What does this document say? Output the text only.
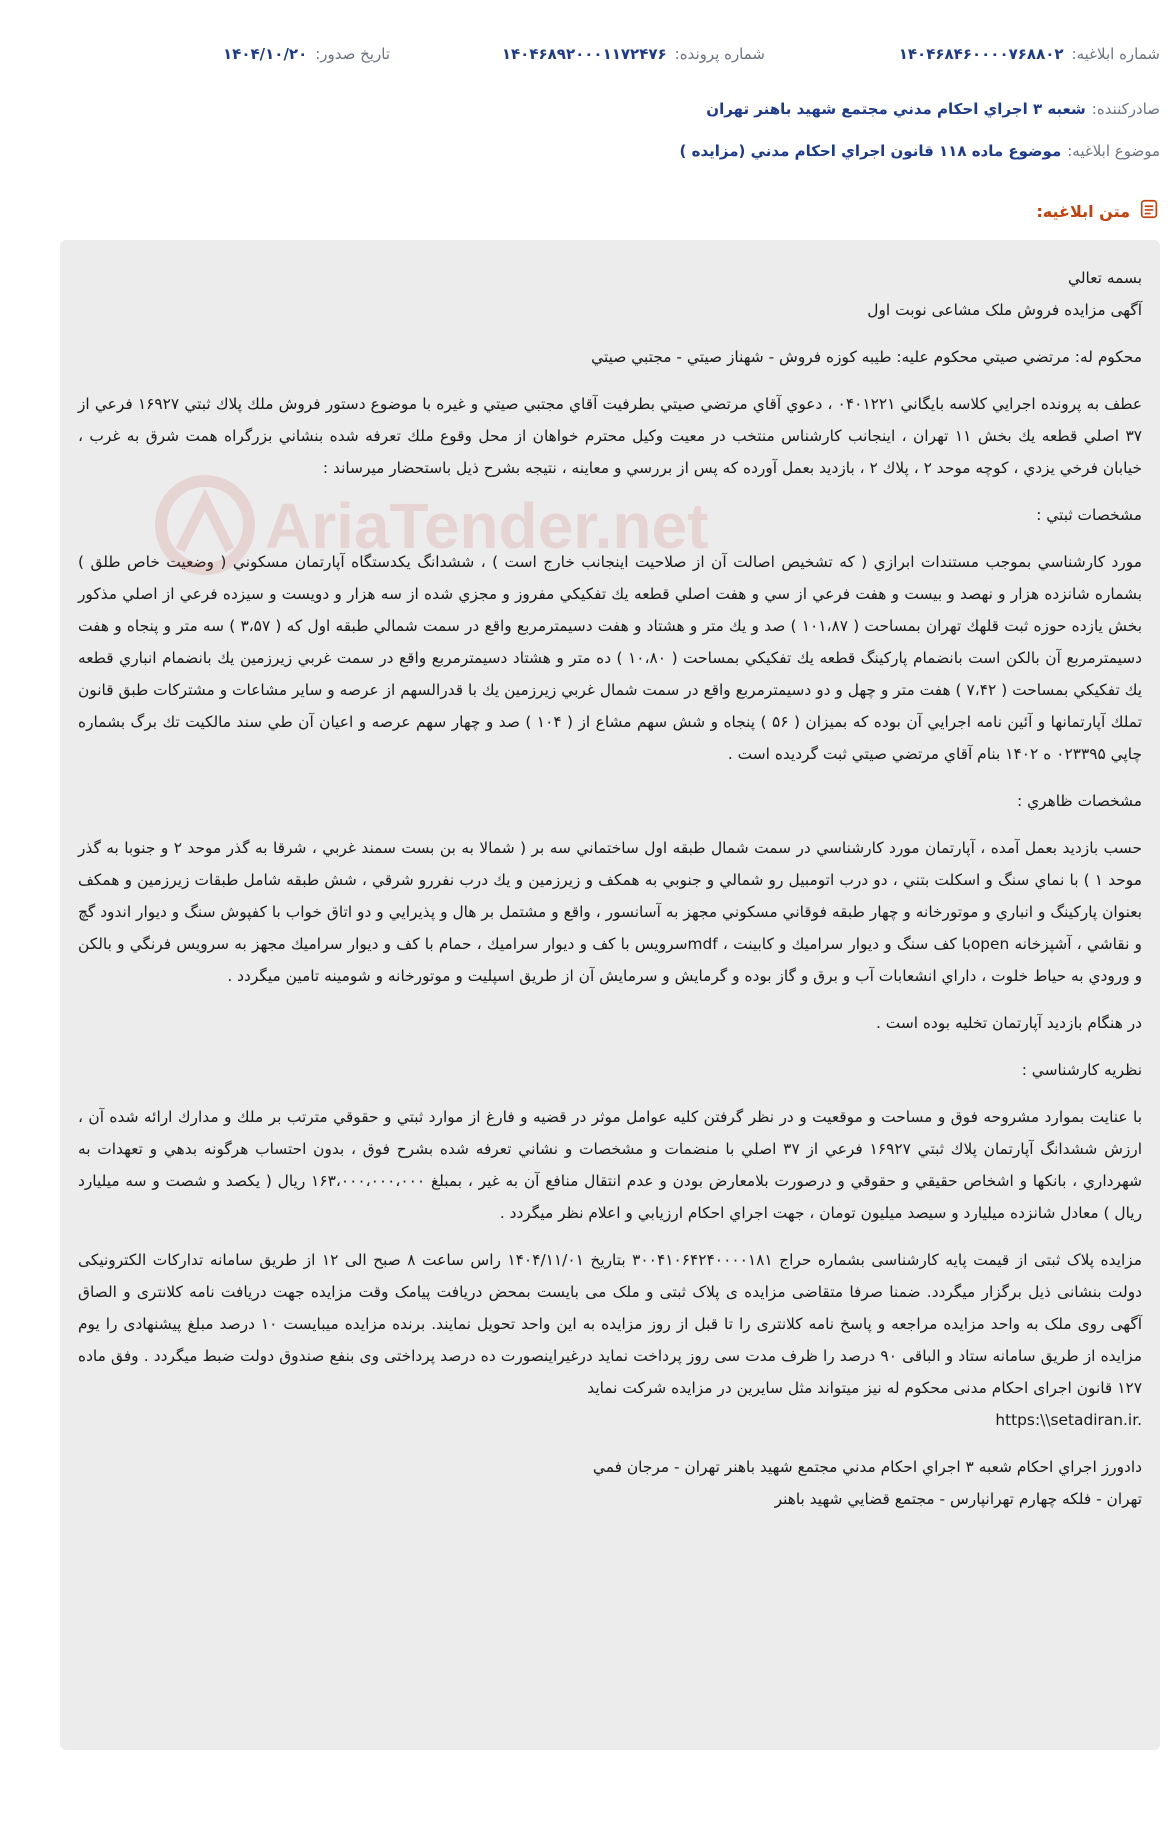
شماره ابلاغيه:
۱۴۰۴۶۸۴۶۰۰۰۰۷۶۸۸۰۲
شماره پرونده:
۱۴۰۴۶۸۹۲۰۰۰۱۱۷۲۴۷۶
تاريخ صدور:
۱۴۰۴/۱۰/۲۰
صادرکننده:
شعبه ۳ اجراي احکام مدني مجتمع شهيد باهنر تهران
موضوع ابلاغيه:
موضوع ماده ۱۱۸ قانون اجراي احکام مدني (مزايده )
متن ابلاغيه:

بسمه تعالي

آگهی مزايده فروش ملک مشاعی نوبت اول

محکوم له: مرتضي صيتي محکوم عليه: طيبه کوزه فروش - شهناز صيتي - مجتبي صيتي

عطف به پرونده اجرايي کلاسه بايگاني ۰۴۰۱۲۲۱ ، دعوي آقاي مرتضي صيتي بطرفيت آقاي مجتبي صيتي و غيره با موضوع دستور فروش ملك پلاك ثبتي ۱۶۹۲۷ فرعي از ۳۷ اصلي قطعه يك بخش ۱۱ تهران ، اينجانب كارشناس منتخب در معيت وكيل محترم خواهان از محل وقوع ملك تعرفه شده بنشاني بزرگراه همت شرق به غرب ، خيابان فرخي يزدي ، كوچه موحد ۲ ، پلاك ۲ ، بازديد بعمل آورده كه پس از بررسي و معاينه ، نتيجه بشرح ذيل باستحضار ميرساند :

مشخصات ثبتي :

مورد كارشناسي بموجب مستندات ابرازي ( كه تشخيص اصالت آن از صلاحيت اينجانب خارج است ) ، ششدانگ يكدستگاه آپارتمان مسكوني ( وضعيت خاص طلق ) بشماره شانزده هزار و نهصد و بيست و هفت فرعي از سي و هفت اصلي قطعه يك تفكيكي مفروز و مجزي شده از سه هزار و دويست و سيزده فرعي از اصلي مذكور بخش يازده حوزه ثبت قلهك تهران بمساحت ( ۱۰۱،۸۷ ) صد و يك متر و هشتاد و هفت دسيمترمربع واقع در سمت شمالي طبقه اول كه ( ۳،۵۷ ) سه متر و پنجاه و هفت دسيمترمربع آن بالكن است بانضمام پاركينگ قطعه يك تفكيكي بمساحت ( ۱۰،۸۰ ) ده متر و هشتاد دسيمترمربع واقع در سمت غربي زيرزمين يك بانضمام انباري قطعه يك تفكيكي بمساحت ( ۷،۴۲ ) هفت متر و چهل و دو دسيمترمربع واقع در سمت شمال غربي زيرزمين يك با قدرالسهم از عرصه و ساير مشاعات و مشتركات طبق قانون تملك آپارتمانها و آئين نامه اجرايي آن بوده كه بميزان ( ۵۶ ) پنجاه و شش سهم مشاع از ( ۱۰۴ ) صد و چهار سهم عرصه و اعيان آن طي سند مالكيت تك برگ بشماره چاپي ۰۲۳۳۹۵ ه ۱۴۰۲ بنام آقاي مرتضي صيتي ثبت گرديده است .

مشخصات ظاهري :

حسب بازديد بعمل آمده ، آپارتمان مورد كارشناسي در سمت شمال طبقه اول ساختماني سه بر ( شمالا به بن بست سمند غربي ، شرقا به گذر موحد ۲ و جنوبا به گذر موحد ۱ ) با نماي سنگ و اسكلت بتني ، دو درب اتومبيل رو شمالي و جنوبي به همكف و زيرزمين و يك درب نفررو شرقي ، شش طبقه شامل طبقات زيرزمين و همكف بعنوان پاركينگ و انباري و موتورخانه و چهار طبقه فوقاني مسكوني مجهز به آسانسور ، واقع و مشتمل بر هال و پذيرايي و دو اتاق خواب با كفپوش سنگ و ديوار اندود گچ و نقاشي ، آشپزخانه openبا كف سنگ و ديوار سراميك و كابينت ، mdfسرويس با كف و ديوار سراميك ، حمام با كف و ديوار سراميك مجهز به سرويس فرنگي و بالكن و ورودي به حياط خلوت ، داراي انشعابات آب و برق و گاز بوده و گرمايش و سرمايش آن از طريق اسپليت و موتورخانه و شومينه تامين ميگردد .

در هنگام بازديد آپارتمان تخليه بوده است .

نظريه كارشناسي :

با عنايت بموارد مشروحه فوق و مساحت و موقعيت و در نظر گرفتن كليه عوامل موثر در قضيه و فارغ از موارد ثبتي و حقوقي مترتب بر ملك و مدارك ارائه شده آن ، ارزش ششدانگ آپارتمان پلاك ثبتي ۱۶۹۲۷ فرعي از ۳۷ اصلي با منضمات و مشخصات و نشاني تعرفه شده بشرح فوق ، بدون احتساب هرگونه بدهي و تعهدات به شهرداري ، بانكها و اشخاص حقيقي و حقوقي و درصورت بلامعارض بودن و عدم انتقال منافع آن به غير ، بمبلغ ۱۶۳،۰۰۰،۰۰۰،۰۰۰ ريال ( يكصد و شصت و سه ميليارد ريال ) معادل شانزده ميليارد و سيصد ميليون تومان ، جهت اجراي احكام ارزيابي و اعلام نظر ميگردد .

مزايده پلاک ثبتی از قيمت پايه کارشناسی بشماره حراج ۳۰۰۴۱۰۶۴۲۴۰۰۰۰۱۸۱ بتاريخ ۱۴۰۴/۱۱/۰۱ راس ساعت ۸ صبح الی ۱۲ از طريق سامانه تدارکات الکترونيکی دولت بنشانی ذيل برگزار ميگردد. ضمنا صرفا متقاضی مزايده ی پلاک ثبتی و ملک می بايست بمحض دريافت پيامک وقت مزايده جهت دريافت نامه کلانتری و الصاق آگهی روی ملک به واحد مزايده مراجعه و پاسخ نامه کلانتری را تا قبل از روز مزايده به اين واحد تحويل نمايند. برنده مزايده ميبايست ۱۰ درصد مبلغ پيشنهادی را يوم مزايده از طريق سامانه ستاد و الباقی ۹۰ درصد را ظرف مدت سی روز پرداخت نمايد درغيراينصورت ده درصد پرداختی وی بنفع صندوق دولت ضبط ميگردد . وفق ماده ۱۲۷ قانون اجرای احکام مدنی محکوم له نيز ميتواند مثل سايرين در مزايده شرکت نمايد

https:\\setadiran.ir.

دادورز اجراي احكام شعبه ۳ اجراي احکام مدني مجتمع شهيد باهنر تهران - مرجان فمي

تهران - فلكه چهارم تهرانپارس - مجتمع قضايي شهيد باهنر
